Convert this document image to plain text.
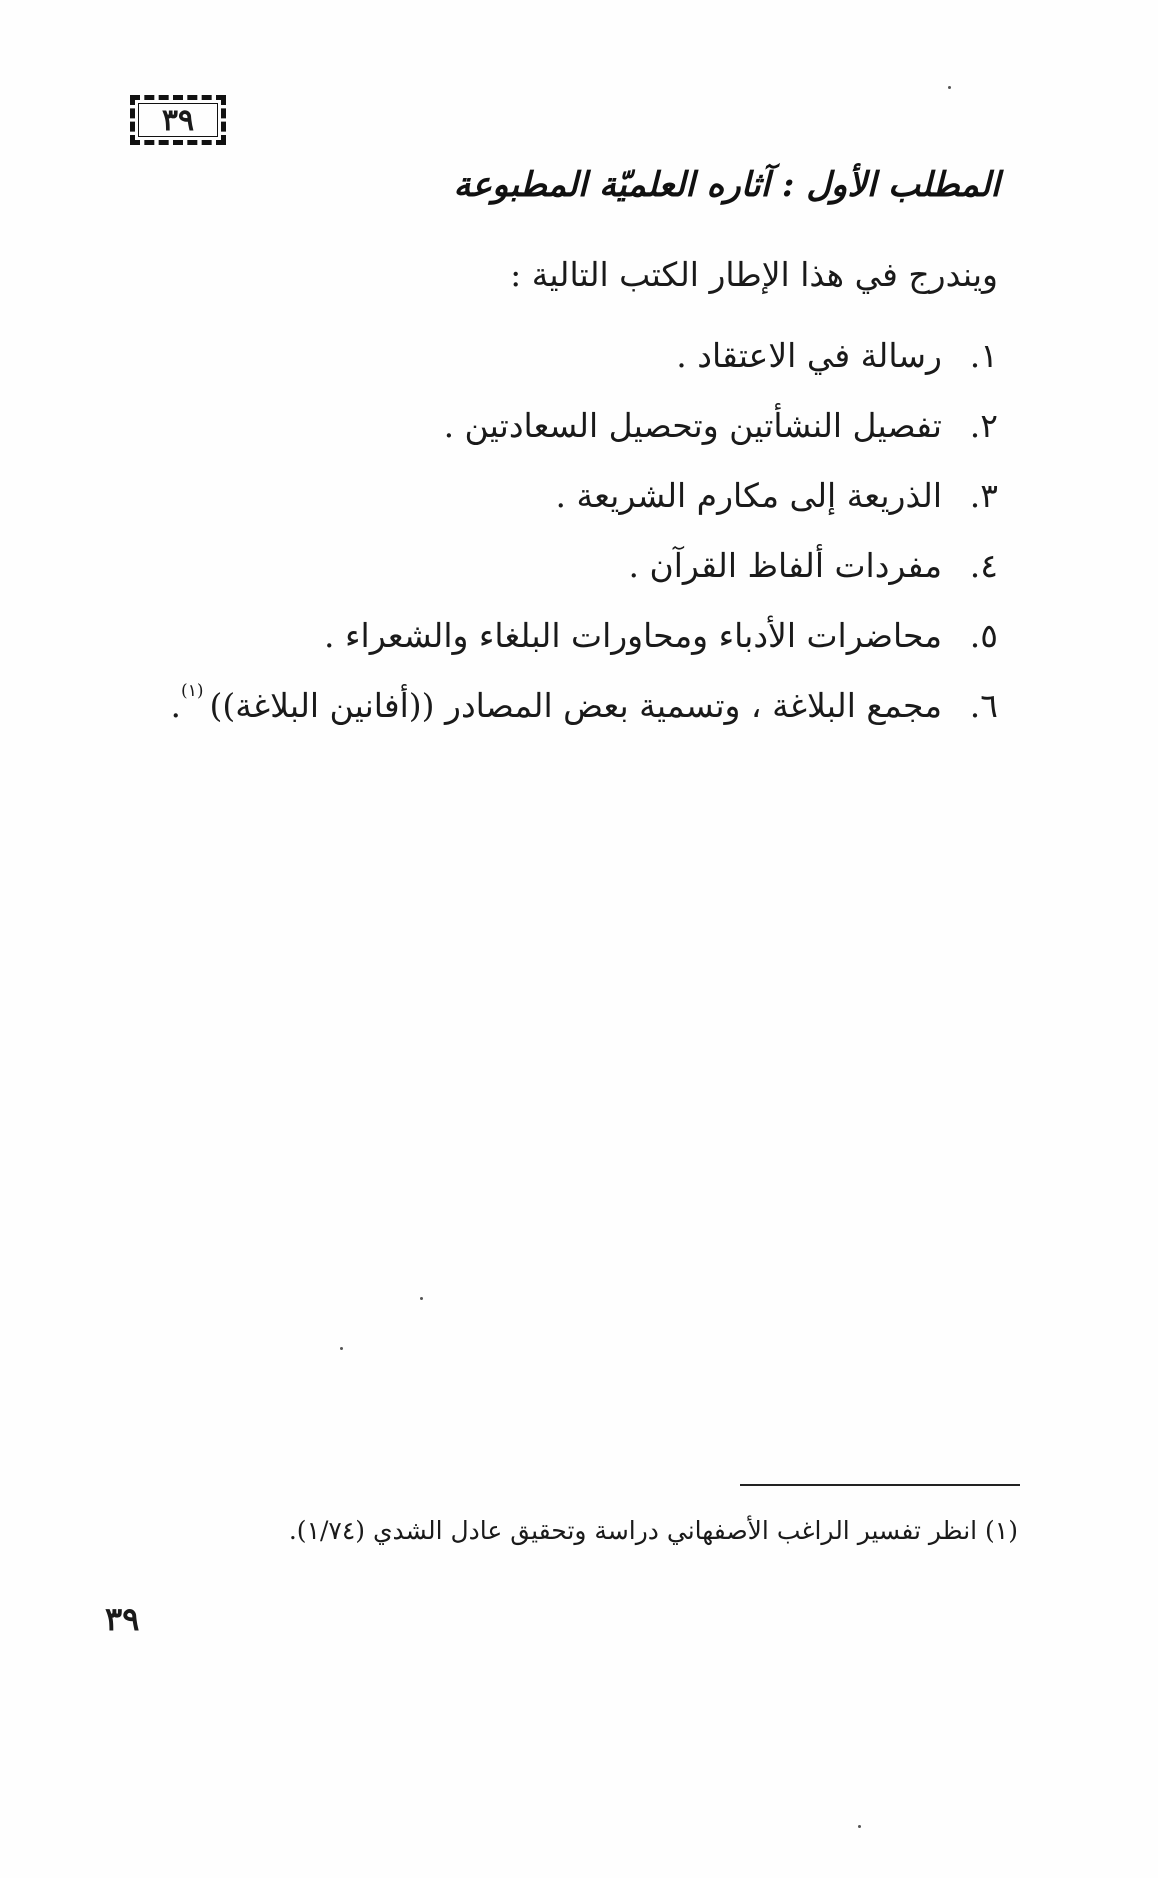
٣٩
المطلب الأول : آثاره العلميّة المطبوعة
ويندرج في هذا الإطار الكتب التالية :
١.
رسالة في الاعتقاد .
٢.
تفصيل النشأتين وتحصيل السعادتين .
٣.
الذريعة إلى مكارم الشريعة .
٤.
مفردات ألفاظ القرآن .
٥.
محاضرات الأدباء ومحاورات البلغاء والشعراء .
٦.
مجمع البلاغة ، وتسمية بعض المصادر ((أفانين البلاغة))
(١)
.
(١) انظر تفسير الراغب الأصفهاني دراسة وتحقيق عادل الشدي (١/٧٤).
٣٩
